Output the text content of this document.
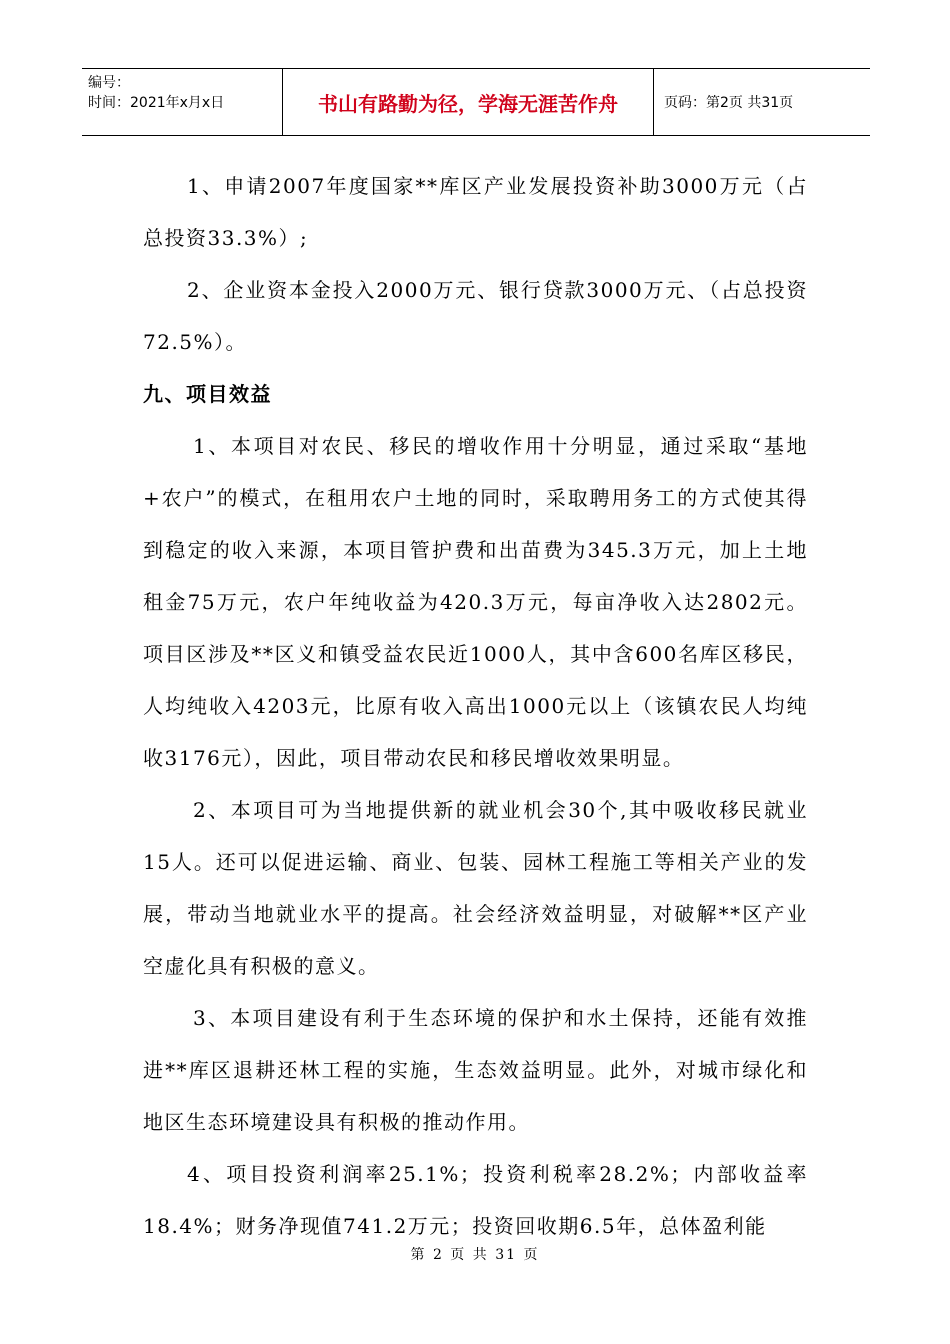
编号：
时间：2021年x月x日	书山有路勤为径，学海无涯苦作舟	页码：第2页 共31页

1、申请2007年度国家**库区产业发展投资补助3000万元（占总投资33.3%）;

2、企业资本金投入2000万元、银行贷款3000万元、（占总投资72.5%）。

九、项目效益

1、本项目对农民、移民的增收作用十分明显，通过采取“基地+农户”的模式，在租用农户土地的同时，采取聘用务工的方式使其得到稳定的收入来源，本项目管护费和出苗费为345.3万元，加上土地租金75万元，农户年纯收益为420.3万元，每亩净收入达2802元。项目区涉及**区义和镇受益农民近1000人，其中含600名库区移民，人均纯收入4203元，比原有收入高出1000元以上（该镇农民人均纯收3176元），因此，项目带动农民和移民增收效果明显。

2、本项目可为当地提供新的就业机会30个,其中吸收移民就业15人。还可以促进运输、商业、包装、园林工程施工等相关产业的发展，带动当地就业水平的提高。社会经济效益明显，对破解**区产业空虚化具有积极的意义。

3、本项目建设有利于生态环境的保护和水土保持，还能有效推进**库区退耕还林工程的实施，生态效益明显。此外，对城市绿化和地区生态环境建设具有积极的推动作用。

4、项目投资利润率25.1%；投资利税率28.2%；内部收益率18.4%；财务净现值741.2万元；投资回收期6.5年，总体盈利能

第 2 页 共 31 页
